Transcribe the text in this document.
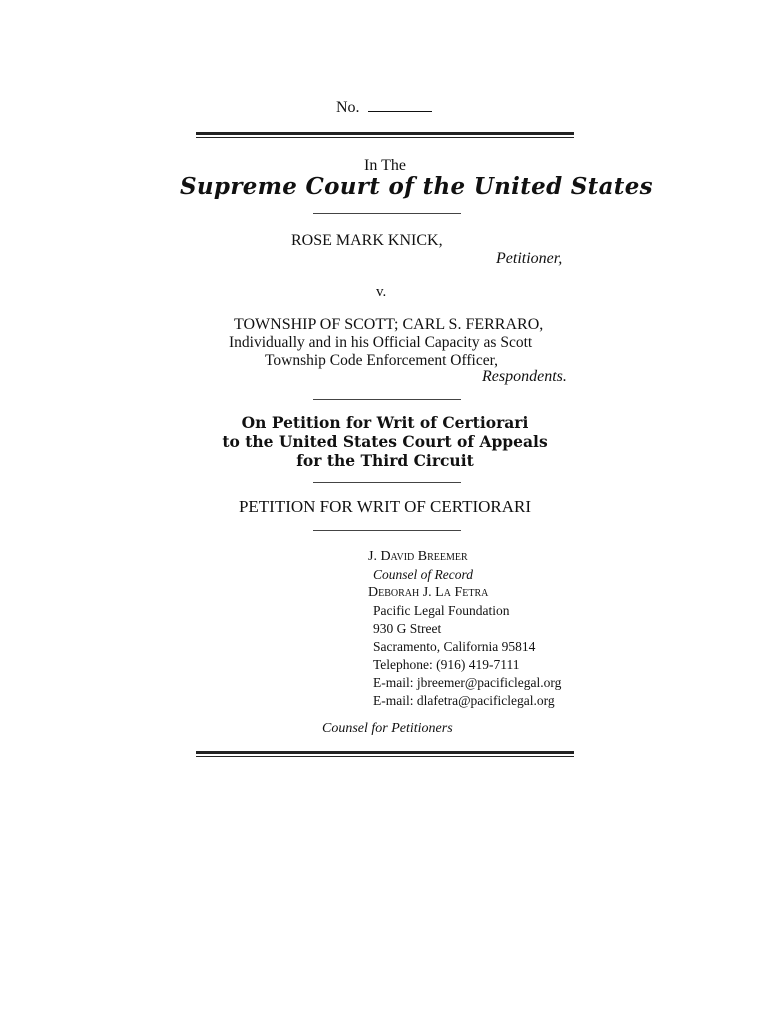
No.
In The
Supreme Court of the United States
ROSE MARK KNICK,
Petitioner,
v.
TOWNSHIP OF SCOTT; CARL S. FERRARO,
Individually and in his Official Capacity as Scott
Township Code Enforcement Officer,
Respondents.
On Petition for Writ of Certiorari
to the United States Court of Appeals
for the Third Circuit
PETITION FOR WRIT OF CERTIORARI
J. David Breemer
Counsel of Record
Deborah J. La Fetra
Pacific Legal Foundation
930 G Street
Sacramento, California 95814
Telephone: (916) 419-7111
E-mail: jbreemer@pacificlegal.org
E-mail: dlafetra@pacificlegal.org
Counsel for Petitioners
